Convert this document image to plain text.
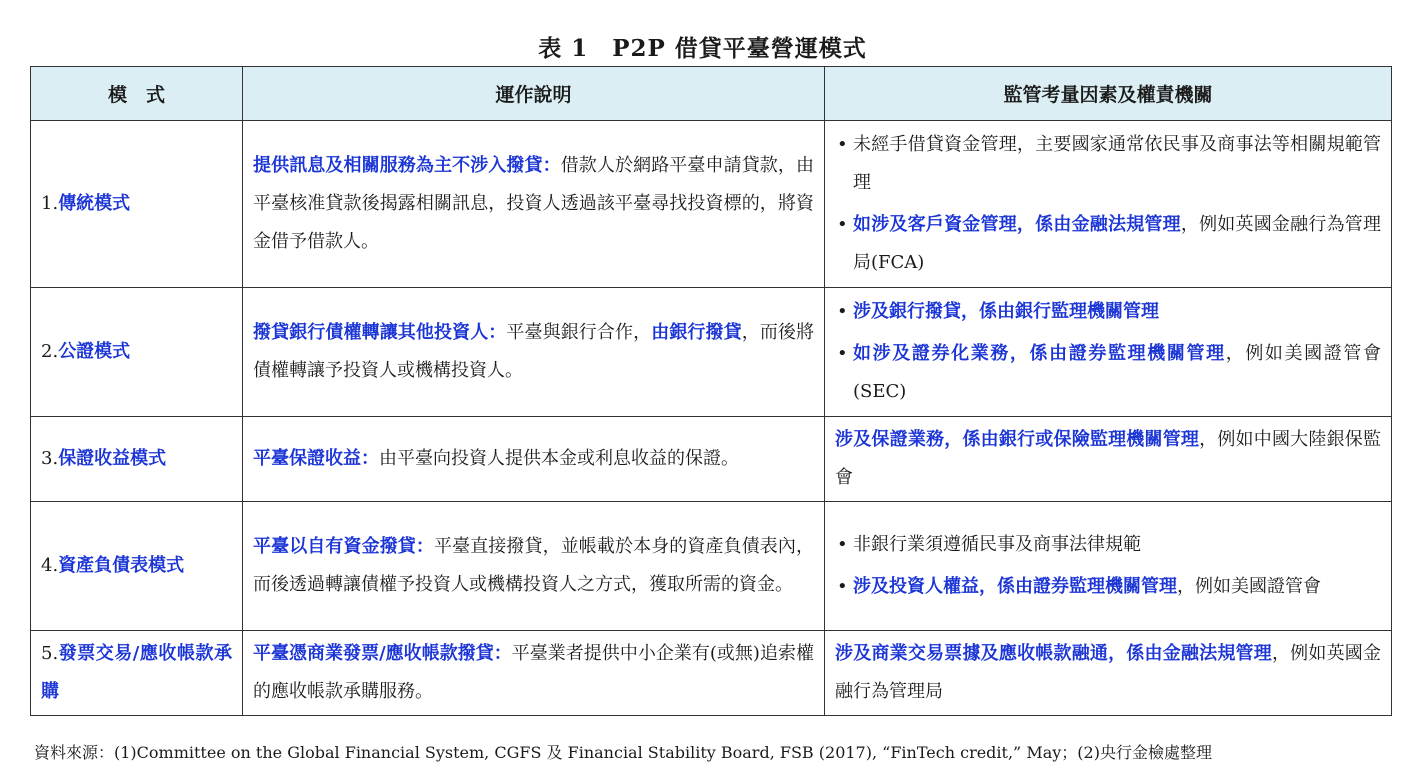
表 1　P2P 借貸平臺營運模式
模　式	運作說明	監管考量因素及權責機關
1.傳統模式	提供訊息及相關服務為主不涉入撥貸：借款人於網路平臺申請貸款，由平臺核准貸款後揭露相關訊息，投資人透過該平臺尋找投資標的，將資金借予借款人。	• 未經手借貸資金管理，主要國家通常依民事及商事法等相關規範管理
• 如涉及客戶資金管理，係由金融法規管理，例如英國金融行為管理局(FCA)

2.公證模式	撥貸銀行債權轉讓其他投資人：平臺與銀行合作，由銀行撥貸，而後將債權轉讓予投資人或機構投資人。	• 涉及銀行撥貸，係由銀行監理機關管理
• 如涉及證券化業務，係由證券監理機關管理，例如美國證管會(SEC)

3.保證收益模式	平臺保證收益：由平臺向投資人提供本金或利息收益的保證。	涉及保證業務，係由銀行或保險監理機關管理，例如中國大陸銀保監會
4.資產負債表模式	平臺以自有資金撥貸：平臺直接撥貸，並帳載於本身的資產負債表內，而後透過轉讓債權予投資人或機構投資人之方式，獲取所需的資金。	• 非銀行業須遵循民事及商事法律規範
• 涉及投資人權益，係由證券監理機關管理，例如美國證管會

5.發票交易/應收帳款承購	平臺憑商業發票/應收帳款撥貸：平臺業者提供中小企業有(或無)追索權的應收帳款承購服務。	涉及商業交易票據及應收帳款融通，係由金融法規管理，例如英國金融行為管理局
資料來源：(1)Committee on the Global Financial System, CGFS 及 Financial Stability Board, FSB (2017), “FinTech credit,” May；(2)央行金檢處整理
